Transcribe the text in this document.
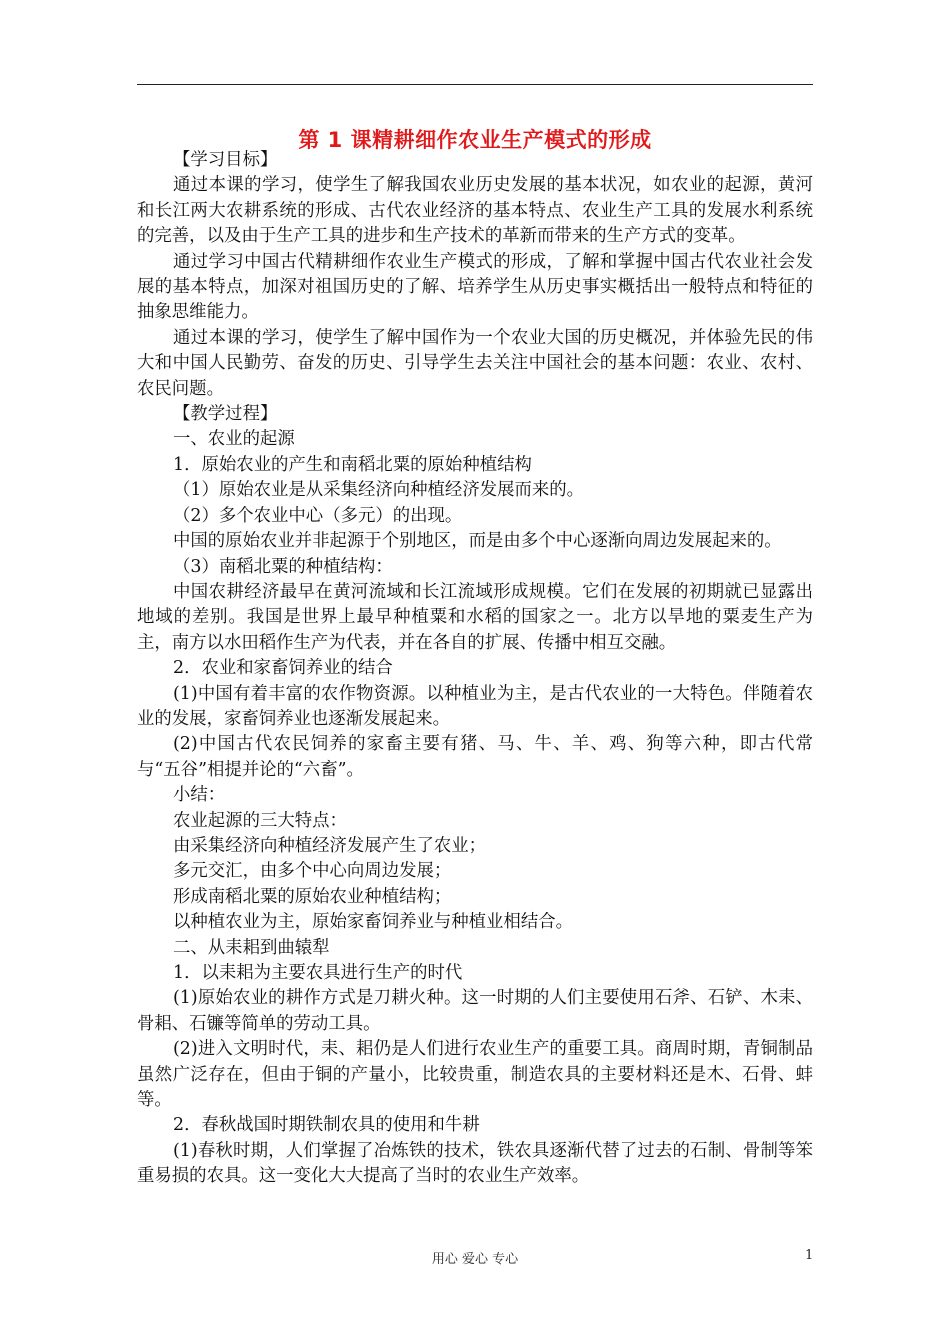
第 1 课精耕细作农业生产模式的形成

【学习目标】

通过本课的学习，使学生了解我国农业历史发展的基本状况，如农业的起源，黄河和长江两大农耕系统的形成、古代农业经济的基本特点、农业生产工具的发展水利系统的完善，以及由于生产工具的进步和生产技术的革新而带来的生产方式的变革。

通过学习中国古代精耕细作农业生产模式的形成，了解和掌握中国古代农业社会发展的基本特点，加深对祖国历史的了解、培养学生从历史事实概括出一般特点和特征的抽象思维能力。

通过本课的学习，使学生了解中国作为一个农业大国的历史概况，并体验先民的伟大和中国人民勤劳、奋发的历史、引导学生去关注中国社会的基本问题：农业、农村、农民问题。

【教学过程】

一、农业的起源

1．原始农业的产生和南稻北粟的原始种植结构

（1）原始农业是从采集经济向种植经济发展而来的。

（2）多个农业中心（多元）的出现。

中国的原始农业并非起源于个别地区，而是由多个中心逐渐向周边发展起来的。

（3）南稻北粟的种植结构：

中国农耕经济最早在黄河流域和长江流域形成规模。它们在发展的初期就已显露出地域的差别。我国是世界上最早种植粟和水稻的国家之一。北方以旱地的粟麦生产为主，南方以水田稻作生产为代表，并在各自的扩展、传播中相互交融。

2．农业和家畜饲养业的结合

(1)中国有着丰富的农作物资源。以种植业为主，是古代农业的一大特色。伴随着农业的发展，家畜饲养业也逐渐发展起来。

(2)中国古代农民饲养的家畜主要有猪、马、牛、羊、鸡、狗等六种，即古代常与“五谷”相提并论的“六畜”。

小结：

农业起源的三大特点：

由采集经济向种植经济发展产生了农业；

多元交汇，由多个中心向周边发展；

形成南稻北粟的原始农业种植结构；

以种植农业为主，原始家畜饲养业与种植业相结合。

二、从耒耜到曲辕犁

1．以耒耜为主要农具进行生产的时代

(1)原始农业的耕作方式是刀耕火种。这一时期的人们主要使用石斧、石铲、木耒、骨耜、石镰等简单的劳动工具。

(2)进入文明时代，耒、耜仍是人们进行农业生产的重要工具。商周时期，青铜制品虽然广泛存在，但由于铜的产量小，比较贵重，制造农具的主要材料还是木、石骨、蚌等。

2．春秋战国时期铁制农具的使用和牛耕

(1)春秋时期，人们掌握了冶炼铁的技术，铁农具逐渐代替了过去的石制、骨制等笨重易损的农具。这一变化大大提高了当时的农业生产效率。

用心 爱心 专心	1
